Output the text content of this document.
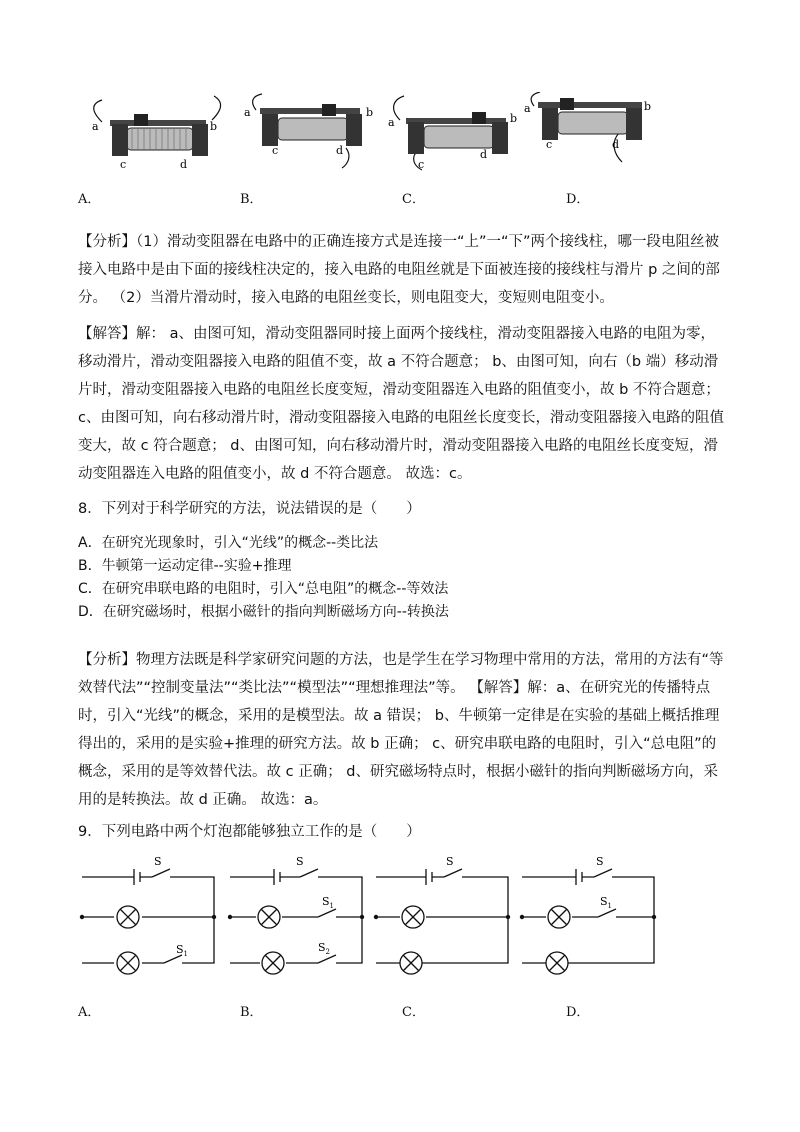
a	b
c	d
a	b
c	d
a	b
c
d
a	b
c	d
A．	B．	C．	D．

【分析】（1）滑动变阻器在电路中的正确连接方式是连接一“上”一“下”两个接线柱，哪一段电阻丝被接入电路中是由下面的接线柱决定的，接入电路的电阻丝就是下面被连接的接线柱与滑片 p 之间的部分。 （2）当滑片滑动时，接入电路的电阻丝变长，则电阻变大，变短则电阻变小。

【解答】解： a、由图可知，滑动变阻器同时接上面两个接线柱，滑动变阻器接入电路的电阻为零，移动滑片，滑动变阻器接入电路的阻值不变，故 a 不符合题意； b、由图可知，向右（b 端）移动滑片时，滑动变阻器接入电路的电阻丝长度变短，滑动变阻器连入电路的阻值变小，故 b 不符合题意； c、由图可知，向右移动滑片时，滑动变阻器接入电路的电阻丝长度变长，滑动变阻器接入电路的阻值变大，故 c 符合题意； d、由图可知，向右移动滑片时，滑动变阻器接入电路的电阻丝长度变短，滑动变阻器连入电路的阻值变小，故 d 不符合题意。 故选：c。

8．下列对于科学研究的方法，说法错误的是（　　）
A．在研究光现象时，引入“光线”的概念--类比法
B．牛顿第一运动定律--实验+推理
C．在研究串联电路的电阻时，引入“总电阻”的概念--等效法
D．在研究磁场时，根据小磁针的指向判断磁场方向--转换法

【分析】物理方法既是科学家研究问题的方法，也是学生在学习物理中常用的方法，常用的方法有“等效替代法”“控制变量法”“类比法”“模型法”“理想推理法”等。 【解答】解：a、在研究光的传播特点时，引入“光线”的概念，采用的是模型法。故 a 错误； b、牛顿第一定律是在实验的基础上概括推理得出的，采用的是实验+推理的研究方法。故 b 正确； c、研究串联电路的电阻时，引入“总电阻”的概念，采用的是等效替代法。故 c 正确； d、研究磁场特点时，根据小磁针的指向判断磁场方向，采用的是转换法。故 d 正确。 故选：a。

9．下列电路中两个灯泡都能够独立工作的是（　　）
S
$S_1$
S
$S_1$
$S_2$
S	S
$S_1$
A．	B．	C．	D．
